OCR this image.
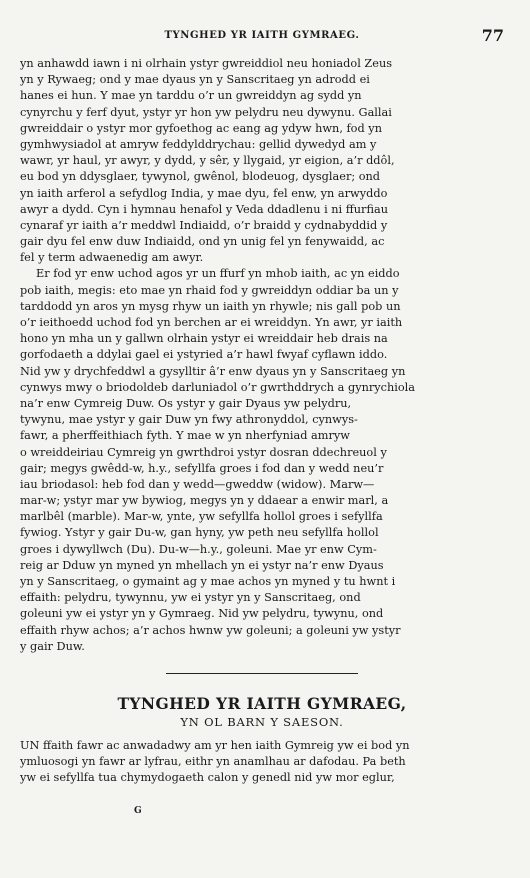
TYNGHED YR IAITH GYMRAEG.	77
yn anhawdd iawn i ni olrhain ystyr gwreiddiol neu honiadol Zeus
yn y Rywaeg; ond y mae dyaus yn y Sanscritaeg yn adrodd ei
hanes ei hun. Y mae yn tarddu o’r un gwreiddyn ag sydd yn
cynyrchu y ferf dyut, ystyr yr hon yw pelydru neu dywynu. Gallai
gwreiddair o ystyr mor gyfoethog ac eang ag ydyw hwn, fod yn
gymhwysiadol at amryw feddylddrychau: gellid dywedyd am y
wawr, yr haul, yr awyr, y dydd, y sêr, y llygaid, yr eigion, a’r ddôl,
eu bod yn ddysglaer, tywynol, gwênol, blodeuog, dysglaer; ond
yn iaith arferol a sefydlog India, y mae dyu, fel enw, yn arwyddo
awyr a dydd. Cyn i hymnau henafol y Veda ddadlenu i ni ffurfiau
cynaraf yr iaith a’r meddwl Indiaidd, o’r braidd y cydnabyddid y
gair dyu fel enw duw Indiaidd, ond yn unig fel yn fenywaidd, ac
fel y term adwaenedig am awyr.
Er fod yr enw uchod agos yr un ffurf yn mhob iaith, ac yn eiddo
pob iaith, megis: eto mae yn rhaid fod y gwreiddyn oddiar ba un y
tarddodd yn aros yn mysg rhyw un iaith yn rhywle; nis gall pob un
o’r ieithoedd uchod fod yn berchen ar ei wreiddyn. Yn awr, yr iaith
hono yn mha un y gallwn olrhain ystyr ei wreiddair heb drais na
gorfodaeth a ddylai gael ei ystyried a’r hawl fwyaf cyflawn iddo.
Nid yw y drychfeddwl a gysylltir â’r enw dyaus yn y Sanscritaeg yn
cynwys mwy o briodoldeb darluniadol o’r gwrthddrych a gynrychiola
na’r enw Cymreig Duw. Os ystyr y gair Dyaus yw pelydru,
tywynu, mae ystyr y gair Duw yn fwy athronyddol, cynwys-
fawr, a pherffeithiach fyth. Y mae w yn nherfyniad amryw
o wreiddeiriau Cymreig yn gwrthdroi ystyr dosran ddechreuol y
gair; megys gwêdd-w, h.y., sefyllfa groes i fod dan y wedd neu’r
iau briodasol: heb fod dan y wedd—gweddw (widow). Marw—
mar-w; ystyr mar yw bywiog, megys yn y ddaear a enwir marl, a
marlbêl (marble). Mar-w, ynte, yw sefyllfa hollol groes i sefyllfa
fywiog. Ystyr y gair Du-w, gan hyny, yw peth neu sefyllfa hollol
groes i dywyllwch (Du). Du-w—h.y., goleuni. Mae yr enw Cym-
reig ar Dduw yn myned yn mhellach yn ei ystyr na’r enw Dyaus
yn y Sanscritaeg, o gymaint ag y mae achos yn myned y tu hwnt i
effaith: pelydru, tywynnu, yw ei ystyr yn y Sanscritaeg, ond
goleuni yw ei ystyr yn y Gymraeg. Nid yw pelydru, tywynu, ond
effaith rhyw achos; a’r achos hwnw yw goleuni; a goleuni yw ystyr
y gair Duw.
TYNGHED YR IAITH GYMRAEG,
YN OL BARN Y SAESON.
UN ffaith fawr ac anwadadwy am yr hen iaith Gymreig yw ei bod yn
ymluosogi yn fawr ar lyfrau, eithr yn anamlhau ar dafodau. Pa beth
yw ei sefyllfa tua chymydogaeth calon y genedl nid yw mor eglur,
G
